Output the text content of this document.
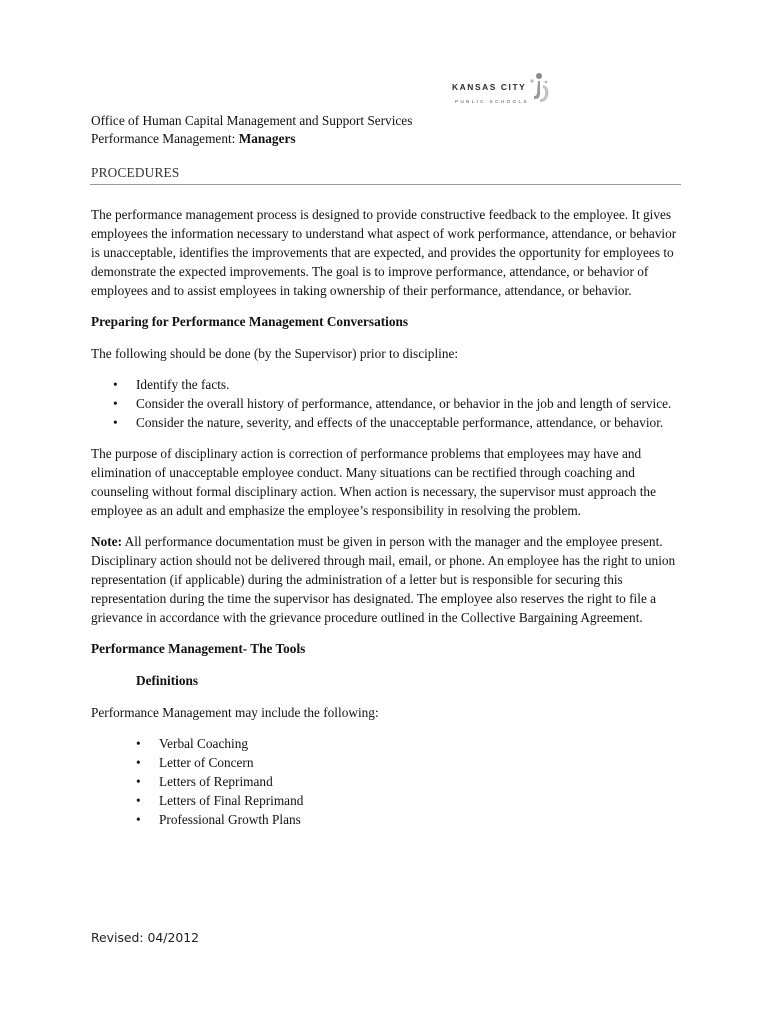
KANSAS CITY
PUBLIC SCHOOLS
Office of Human Capital Management and Support Services
Performance Management: Managers
PROCEDURES

The performance management process is designed to provide constructive feedback to the employee. It gives employees the information necessary to understand what aspect of work performance, attendance, or behavior is unacceptable, identifies the improvements that are expected, and provides the opportunity for employees to demonstrate the expected improvements. The goal is to improve performance, attendance, or behavior of employees and to assist employees in taking ownership of their performance, attendance, or behavior.

Preparing for Performance Management Conversations

The following should be done (by the Supervisor) prior to discipline:

• Identify the facts.
• Consider the overall history of performance, attendance, or behavior in the job and length of service.
• Consider the nature, severity, and effects of the unacceptable performance, attendance, or behavior.

The purpose of disciplinary action is correction of performance problems that employees may have and elimination of unacceptable employee conduct. Many situations can be rectified through coaching and counseling without formal disciplinary action. When action is necessary, the supervisor must approach the employee as an adult and emphasize the employee’s responsibility in resolving the problem.

Note: All performance documentation must be given in person with the manager and the employee present. Disciplinary action should not be delivered through mail, email, or phone. An employee has the right to union representation (if applicable) during the administration of a letter but is responsible for securing this representation during the time the supervisor has designated. The employee also reserves the right to file a grievance in accordance with the grievance procedure outlined in the Collective Bargaining Agreement.

Performance Management- The Tools

Definitions

Performance Management may include the following:

• Verbal Coaching
• Letter of Concern
• Letters of Reprimand
• Letters of Final Reprimand
• Professional Growth Plans
Revised: 04/2012
